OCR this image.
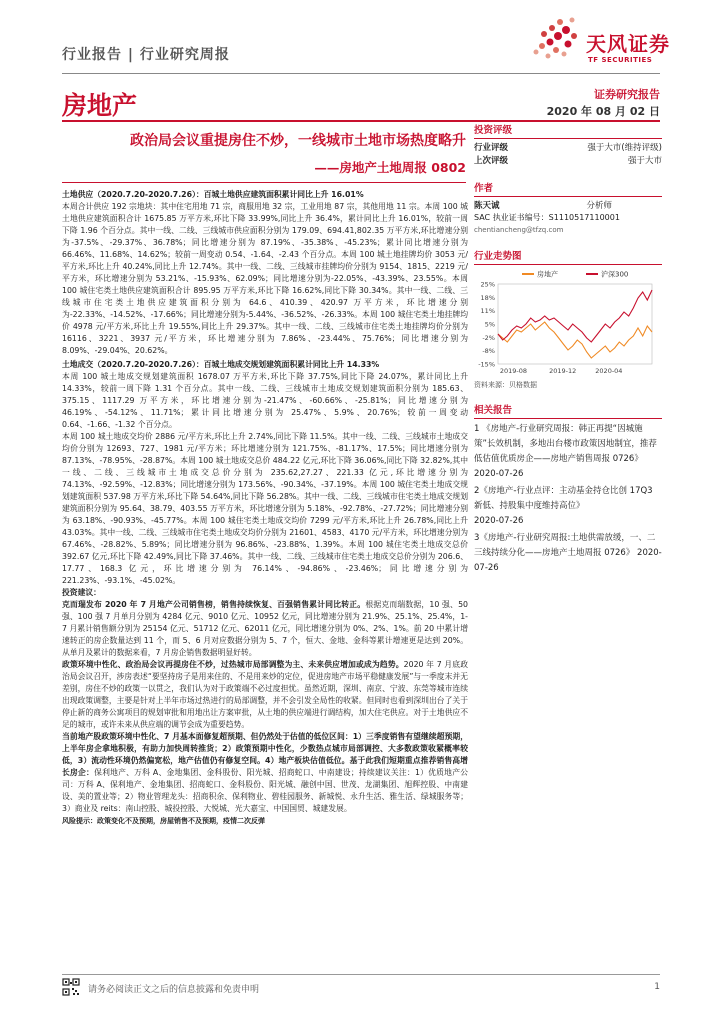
行业报告 | 行业研究周报	天风证券
TF SECURITIES
房地产	证券研究报告
2020 年 08 月 02 日
政治局会议重提房住不炒，一线城市土地市场热度略升
——房地产土地周报 0802

土地供应（2020.7.20-2020.7.26）：百城土地供应建筑面积累计同比上升 16.01%
本周合计供应 192 宗地块：其中住宅用地 71 宗，商服用地 32 宗，工业用地 87 宗，其他用地 11 宗。本周 100 城土地供应建筑面积合计 1675.85 万平方米,环比下降 33.99%,同比上升 36.4%，累计同比上升 16.01%，较前一周下降 1.96 个百分点。其中一线、二线、三线城市供应面积分别为 179.09、694.41,802.35 万平方米,环比增速分别为-37.5%、-29.37%、36.78%；同比增速分别为 87.19%、-35.38%、-45.23%；累计同比增速分别为 66.46%、11.68%、14.62%；较前一周变动 0.54、-1.64、-2.43 个百分点。本周 100 城土地挂牌均价 3053 元/平方米,环比上升 40.24%,同比上升 12.74%。其中一线、二线、三线城市挂牌均价分别为 9154、1815、2219 元/平方米，环比增速分别为 53.21%、-15.93%、62.09%；同比增速分别为-22.05%、-43.39%、23.55%。本周 100 城住宅类土地供应建筑面积合计 895.95 万平方米,环比下降 16.62%,同比下降 30.34%。其中一线、二线、三线城市住宅类土地供应建筑面积分别为 64.6、410.39、420.97 万平方米，环比增速分别为-22.33%、-14.52%、-17.66%；同比增速分别为-5.44%、-36.52%、-26.33%。本周 100 城住宅类土地挂牌均价 4978 元/平方米,环比上升 19.55%,同比上升 29.37%。其中一线、二线、三线城市住宅类土地挂牌均价分别为 16116、3221、3937 元/平方米，环比增速分别为 7.86%、-23.44%、75.76%；同比增速分别为 8.09%、-29.04%、20.62%。

土地成交（2020.7.20-2020.7.26）：百城土地成交规划建筑面积累计同比上升 14.33%
本周 100 城土地成交规划建筑面积 1678.07 万平方米,环比下降 37.75%,同比下降 24.07%，累计同比上升 14.33%，较前一周下降 1.31 个百分点。其中一线、二线、三线城市土地成交规划建筑面积分别为 185.63、375.15、1117.29 万平方米，环比增速分别为-21.47%、-60.66%、-25.81%；同比增速分别为 46.19%、-54.12%、11.71%；累计同比增速分别为 25.47%、5.9%、20.76%；较前一周变动 0.64、-1.66、-1.32 个百分点。

本周 100 城土地成交均价 2886 元/平方米,环比上升 2.74%,同比下降 11.5%。其中一线、二线、三线城市土地成交均价分别为 12693、727、1981 元/平方米；环比增速分别为 121.75%、-81.17%、17.5%；同比增速分别为 87.13%、-78.95%、-28.87%。本周 100 城土地成交总价 484.22 亿元,环比下降 36.06%,同比下降 32.82%,其中一线、二线、三线城市土地成交总价分别为 235.62,27.27、221.33 亿元,环比增速分别为 74.13%、-92.59%、-12.83%；同比增速分别为 173.56%、-90.34%、-37.19%。本周 100 城住宅类土地成交规划建筑面积 537.98 万平方米,环比下降 54.64%,同比下降 56.28%。其中一线、二线、三线城市住宅类土地成交规划建筑面积分别为 95.64、38.79、403.55 万平方米，环比增速分别为 5.18%、-92.78%、-27.72%；同比增速分别为 63.18%、-90.93%、-45.77%。本周 100 城住宅类土地成交均价 7299 元/平方米,环比上升 26.78%,同比上升 43.03%。其中一线、二线、三线城市住宅类土地成交均价分别为 21601、4583、4170 元/平方米，环比增速分别为 67.46%、-28.82%、5.89%；同比增速分别为 96.86%、-23.88%、1.39%。本周 100 城住宅类土地成交总价 392.67 亿元,环比下降 42.49%,同比下降 37.46%。其中一线、二线、三线城市住宅类土地成交总价分别为 206.6、17.77、168.3 亿元，环比增速分别为 76.14%、-94.86%、-23.46%；同比增速分别为 221.23%、-93.1%、-45.02%。

投资建议：

克而瑞发布 2020 年 7 月地产公司销售榜，销售持续恢复、百强销售累计同比转正。根据克而瑞数据，10 强、50 强、100 强 7 月单月分别为 4284 亿元、9010 亿元、10952 亿元，同比增速分别为 21.9%、25.1%、25.4%，1-7 月累计销售额分别为 25154 亿元、51712 亿元、62011 亿元，同比增速分别为 0%、2%、1%。前 20 中累计增速转正的房企数量达到 11 个，而 5、6 月对应数据分别为 5、7 个，恒大、金地、金科等累计增速更是达到 20%。从单月及累计的数据来看，7 月房企销售数据明显好转。

政策环境中性化、政治局会议再提房住不炒，过热城市局部调整为主、未来供应增加或成为趋势。2020 年 7 月底政治局会议召开，涉房表述“要坚持房子是用来住的、不是用来炒的定位，促进房地产市场平稳健康发展”与一季度末并无差别，房住不炒的政策一以贯之，我们认为对于政策端不必过度担忧。虽然近期，深圳、南京、宁波、东莞等城市连续出现政策调整，主要是针对上半年市场过热进行的局部调整，并不会引发全局性的收紧。但同时也看到深圳出台了关于停止新的商务公寓项目的规划审批和用地出让方案审批，从土地的供应端进行调结构，加大住宅供应。对于土地供应不足的城市，或许未来从供应端的调节会成为重要趋势。

当前地产股政策环境中性化、7 月基本面修复超预期、但仍然处于估值的低位区间：1）三季度销售有望继续超预期，上半年房企拿地积极，有助力加快周转推货；2）政策预期中性化，少数热点城市局部调控、大多数政策收紧概率较低，3）流动性环境仍然偏宽松，地产估值仍有修复空间。4）地产板块估值低位。基于此我们短期重点推荐销售高增长房企：保利地产、万科 A、金地集团、金科股份、阳光城、招商蛇口、中南建设；持续建议关注：1）优质地产公司：万科 A、保利地产、金地集团、招商蛇口、金科股份、阳光城、融创中国、世茂、龙湖集团、旭辉控股、中南建设、美的置业等；2）物业管理龙头：招商积余、保利物业、碧桂园服务、新城悦、永升生活、雅生活、绿城服务等；3）商业及 reits：南山控股、城投控股、大悦城、光大嘉宝、中国国贸、城建发展。

风险提示：政策变化不及预期，房屋销售不及预期，疫情二次反弹

投资评级
行业评级	强于大市(维持评级)
上次评级	强于大市
作者
陈天诚	分析师
SAC 执业证书编号：S1110517110001
chentiancheng@tfzq.com
行业走势图
25%
18%
11%
5%
-2%
-8%
-15%
2019-08	2019-12	2020-04
房地产	沪深300
资料来源：贝格数据
相关报告
1 《房地产-行业研究周报：韩正再提“因城施策”长效机制，多地出台楼市政策因地制宜，推荐低估值优质房企——房地产销售周报 0726》
2020-07-26
2《房地产-行业点评：主动基金持仓比创 17Q3 新低、持股集中度维持高位》
2020-07-26
3《房地产-行业研究周报:土地供需放缓，一、二三线持续分化——房地产土地周报 0726》 2020-07-26
请务必阅读正文之后的信息披露和免责申明	1
